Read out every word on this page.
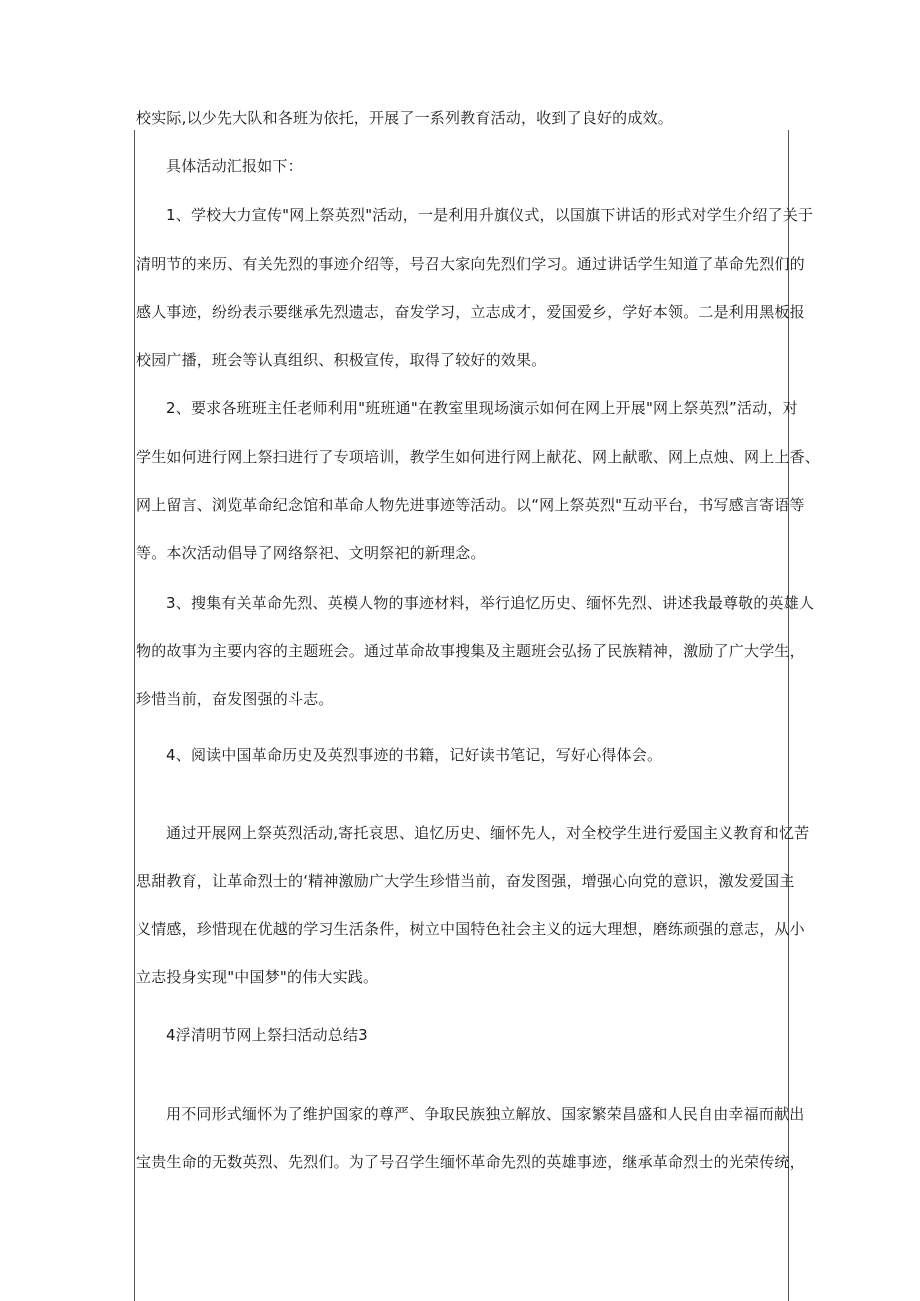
校实际,以少先大队和各班为依托，开展了一系列教育活动，收到了良好的成效。

具体活动汇报如下：

1、学校大力宣传"网上祭英烈"活动，一是利用升旗仪式，以国旗下讲话的形式对学生介绍了关于

清明节的来历、有关先烈的事迹介绍等，号召大家向先烈们学习。通过讲话学生知道了革命先烈们的

感人事迹，纷纷表示要继承先烈遗志，奋发学习，立志成才，爱国爱乡，学好本领。二是利用黑板报

校园广播，班会等认真组织、积极宣传，取得了较好的效果。

2、要求各班班主任老师利用"班班通"在教室里现场演示如何在网上开展"网上祭英烈”活动，对

学生如何进行网上祭扫进行了专项培训，教学生如何进行网上献花、网上献歌、网上点烛、网上上香、

网上留言、浏览革命纪念馆和革命人物先进事迹等活动。以“网上祭英烈"互动平台，书写感言寄语等

等。本次活动倡导了网络祭祀、文明祭祀的新理念。

3、搜集有关革命先烈、英模人物的事迹材料，举行追忆历史、缅怀先烈、讲述我最尊敬的英雄人

物的故事为主要内容的主题班会。通过革命故事搜集及主题班会弘扬了民族精神，激励了广大学生，

珍惜当前，奋发图强的斗志。

4、阅读中国革命历史及英烈事迹的书籍，记好读书笔记，写好心得体会。

通过开展网上祭英烈活动,寄托哀思、追忆历史、缅怀先人，对全校学生进行爱国主义教育和忆苦

思甜教育，让革命烈士的‘精神激励广大学生珍惜当前，奋发图强，增强心向党的意识，激发爱国主

义情感，珍惜现在优越的学习生活条件，树立中国特色社会主义的远大理想，磨练顽强的意志，从小

立志投身实现"中国梦"的伟大实践。

4浮清明节网上祭扫活动总结3

用不同形式缅怀为了维护国家的尊严、争取民族独立解放、国家繁荣昌盛和人民自由幸福而献出

宝贵生命的无数英烈、先烈们。为了号召学生缅怀革命先烈的英雄事迹，继承革命烈士的光荣传统，
